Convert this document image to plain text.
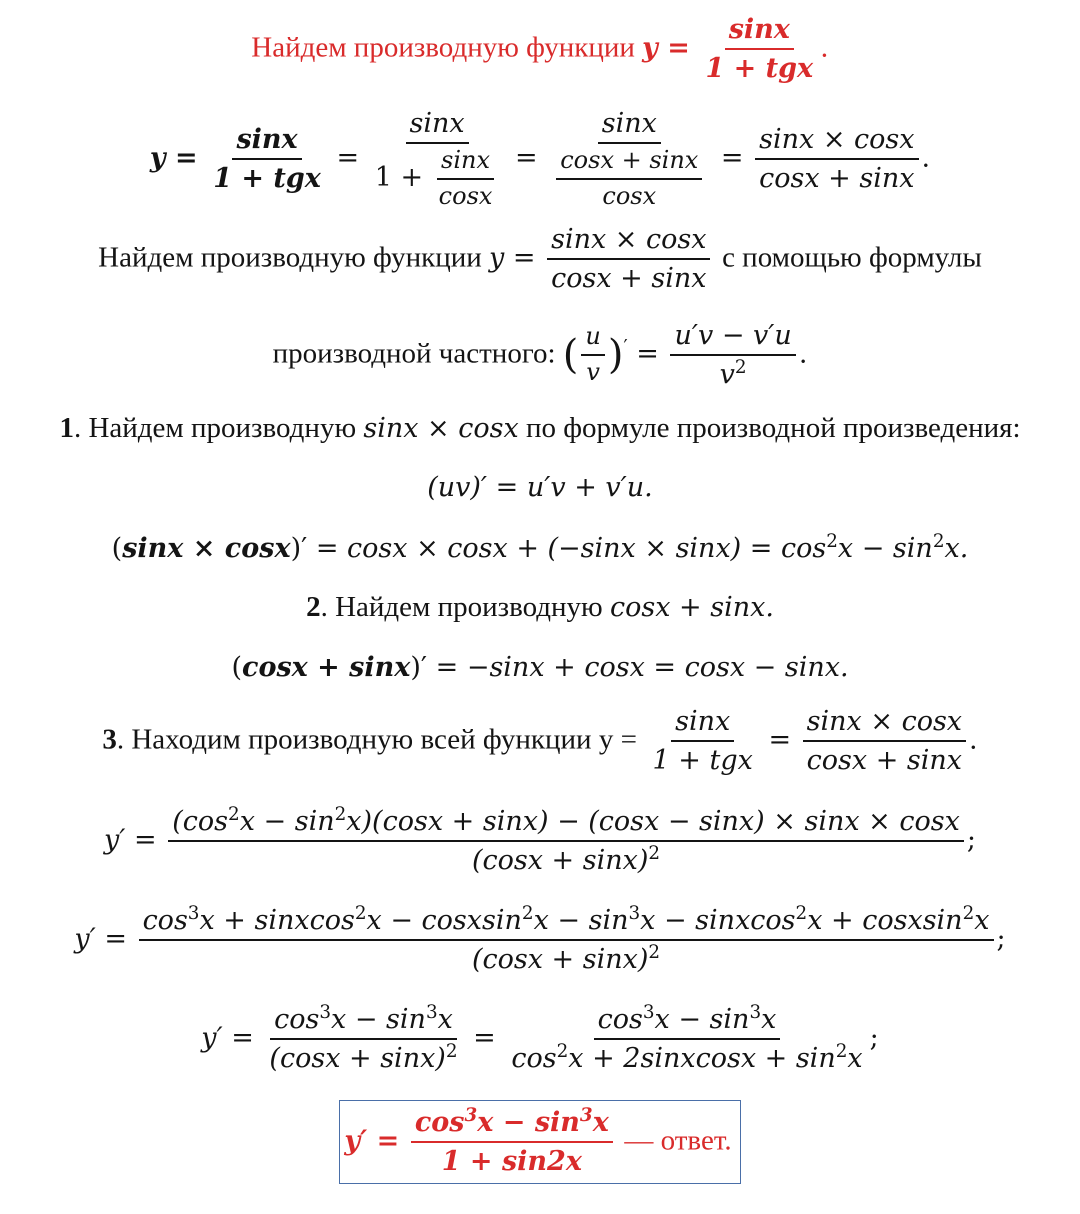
Найдем производную функции $y = \frac{\sin x}{\text{1 + tgx}}$ .
$y = \frac{\sin x}{\text{1 + tgx}} = \frac{\sin x}{1 + \frac{\sin x}{\cos x}} = \frac{\sin x}{\frac{\cos x + \sin x}{\cos x}} = \frac{\sin x \times \cos x}{\cos x + \sin x}$ .
Найдем производную функции $y = \frac{\sin x \times \cos x}{\cos x + \sin x}$ с помощью формулы
производной частного: ( $\frac{u}{v} )' = \frac{u'v - v'u}{v^2}$ .
1. Найдем производную sinx × cosx по формуле производной произведения:
(uv)′ = u′v + v′u.
$(\sin x \times \cos x)' = \cos x \times \cos x + (-\sin x \times \sin x) = \cos^2x - \sin^2x$.
2. Найдем производную cosx + sinx.
(cosx + sinx)′ = −sinx + cosx = cosx − sinx.
3. Находим производную всей функции $у = \frac{\sin x}{\text{1 + tgx}} = \frac{\sin x \times \cos x}{\cos x + \sin x}$ .
$y' = \frac{(\cos^2x - \sin^2x)(\cos x + \sin x) - (\cos x - \sin x) \times \sin x \times \cos x}{(\cos x + \sin x)^2}$ ;
y′ =
$\cos^3x$ + sinxcos$^2$x − cosxsin$^2$x − $\sin^3x$ − sinxcos$^2$x + cosxsin$^2$x
$(\cos x + \sin x)^2$	;
$y' = \frac{\cos^3x - \sin^3x}{(\cos x + \sin x)^2} = \frac{\cos^3x - \sin^3x}{\cos^2x + 2sinxcosx + \sin^2x}$ ;
$y' = \frac{\cos^3x - \sin^3x}{1 + \sin 2x}$ — ответ.
